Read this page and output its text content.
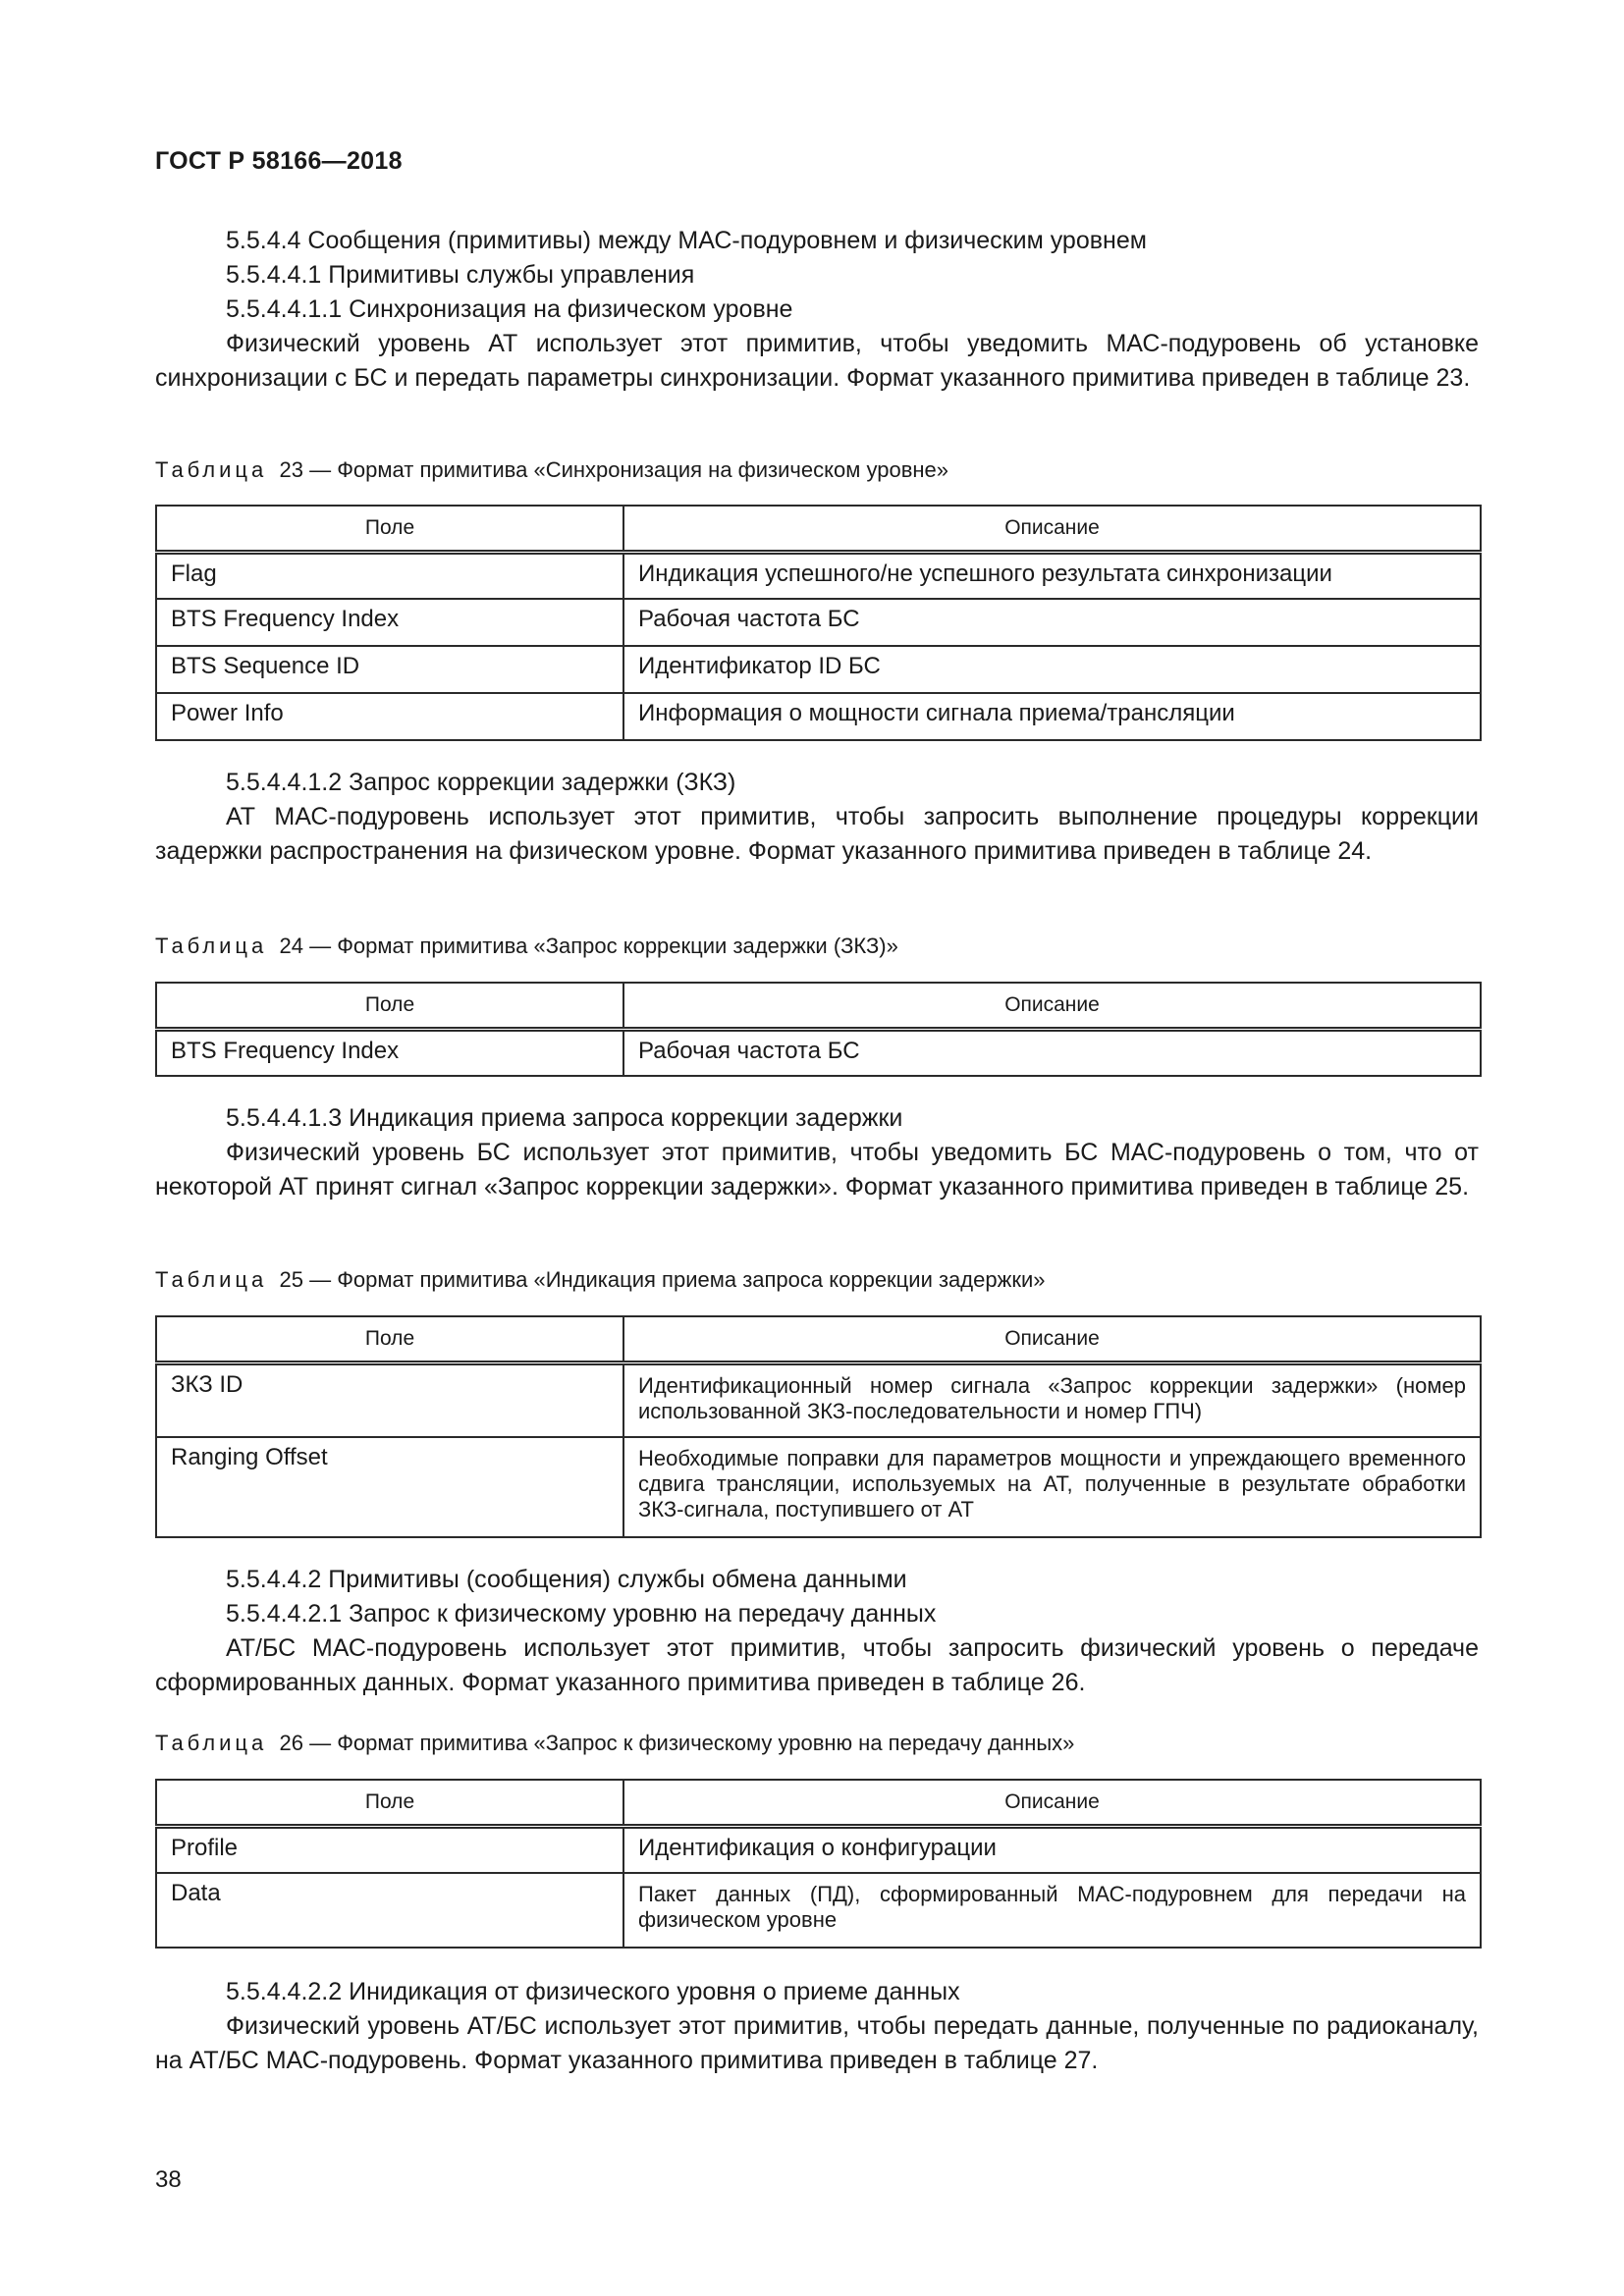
ГОСТ Р 58166—2018

5.5.4.4 Сообщения (примитивы) между МАС-подуровнем и физическим уровнем

5.5.4.4.1 Примитивы службы управления

5.5.4.4.1.1 Синхронизация на физическом уровне

Физический уровень АТ использует этот примитив, чтобы уведомить МАС-подуровень об установке синхронизации с БС и передать параметры синхронизации. Формат указанного примитива приведен в таблице 23.

Таблица 23 — Формат примитива «Синхронизация на физическом уровне»
Поле	Описание
Flag	Индикация успешного/не успешного результата синхронизации
BTS Frequency Index	Рабочая частота БС
BTS Sequence ID	Идентификатор ID БС
Power Info	Информация о мощности сигнала приема/трансляции

5.5.4.4.1.2 Запрос коррекции задержки (ЗКЗ)

АТ МАС-подуровень использует этот примитив, чтобы запросить выполнение процедуры коррекции задержки распространения на физическом уровне. Формат указанного примитива приведен в таблице 24.

Таблица 24 — Формат примитива «Запрос коррекции задержки (ЗКЗ)»
Поле	Описание
BTS Frequency Index	Рабочая частота БС

5.5.4.4.1.3 Индикация приема запроса коррекции задержки

Физический уровень БС использует этот примитив, чтобы уведомить БС МАС-подуровень о том, что от некоторой АТ принят сигнал «Запрос коррекции задержки». Формат указанного примитива приведен в таблице 25.

Таблица 25 — Формат примитива «Индикация приема запроса коррекции задержки»
Поле	Описание
ЗКЗ ID	Идентификационный номер сигнала «Запрос коррекции задержки» (номер использованной ЗКЗ-последовательности и номер ГПЧ)
Ranging Offset	Необходимые поправки для параметров мощности и упреждающего временного сдвига трансляции, используемых на АТ, полученные в результате обработки ЗКЗ-сигнала, поступившего от АТ

5.5.4.4.2 Примитивы (сообщения) службы обмена данными

5.5.4.4.2.1 Запрос к физическому уровню на передачу данных

АТ/БС МАС-подуровень использует этот примитив, чтобы запросить физический уровень о передаче сформированных данных. Формат указанного примитива приведен в таблице 26.

Таблица 26 — Формат примитива «Запрос к физическому уровню на передачу данных»
Поле	Описание
Profile	Идентификация о конфигурации
Data	Пакет данных (ПД), сформированный МАС-подуровнем для передачи на физическом уровне

5.5.4.4.2.2 Инидикация от физического уровня о приеме данных

Физический уровень АТ/БС использует этот примитив, чтобы передать данные, полученные по радиоканалу, на АТ/БС МАС-подуровень. Формат указанного примитива приведен в таблице 27.

38
